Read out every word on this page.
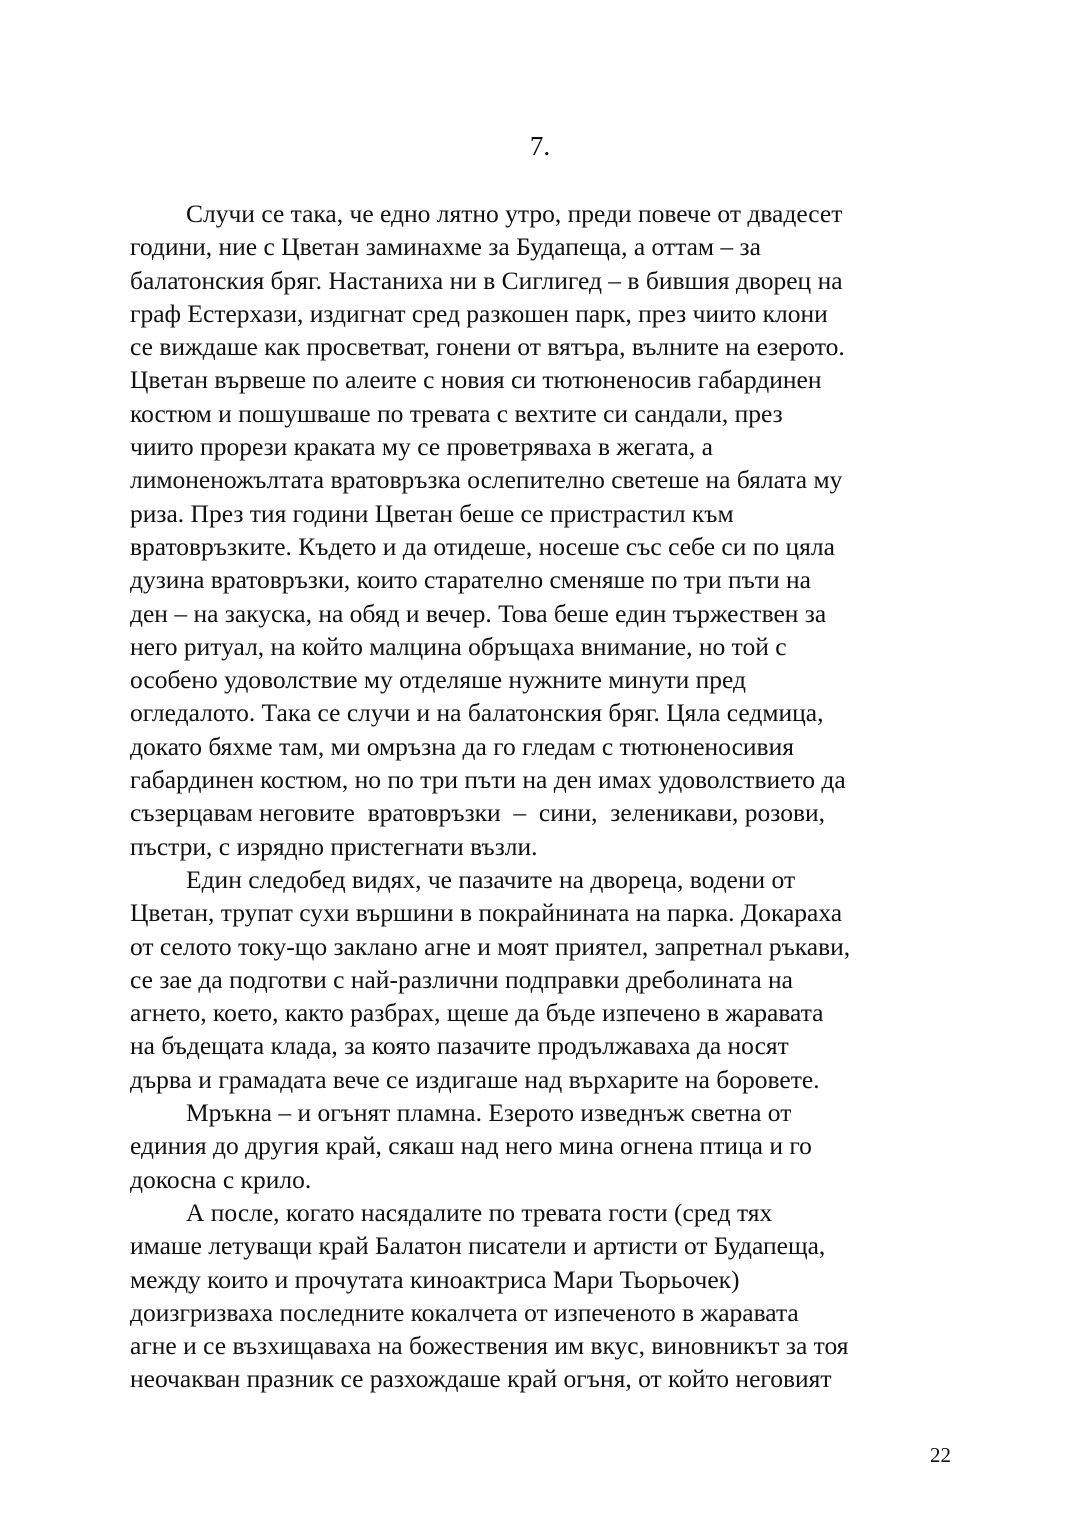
7.
Случи се така, че едно лятно утро, преди повече от двадесет
години, ние с Цветан заминахме за Будапеща, а оттам – за
балатонския бряг. Настаниха ни в Сиглигед – в бившия дворец на
граф Естерхази, издигнат сред разкошен парк, през чиито клони
се виждаше как просветват, гонени от вятъра, вълните на езерото.
Цветан вървеше по алеите с новия си тютюненосив габардинен
костюм и пошушваше по тревата с вехтите си сандали, през
чиито прорези краката му се проветряваха в жегата, а
лимоненожълтата вратовръзка ослепително светеше на бялата му
риза. През тия години Цветан беше се пристрастил към
вратовръзките. Където и да отидеше, носеше със себе си по цяла
дузина вратовръзки, които старателно сменяше по три пъти на
ден – на закуска, на обяд и вечер. Това беше един тържествен за
него ритуал, на който малцина обръщаха внимание, но той с
особено удоволствие му отделяше нужните минути пред
огледалото. Така се случи и на балатонския бряг. Цяла седмица,
докато бяхме там, ми омръзна да го гледам с тютюненосивия
габардинен костюм, но по три пъти на ден имах удоволствието да
съзерцавам неговите  вратовръзки  –  сини,  зеленикави, розови,
пъстри, с изрядно пристегнати възли.
Един следобед видях, че пазачите на двореца, водени от
Цветан, трупат сухи вършини в покрайнината на парка. Докараха
от селото току-що заклано агне и моят приятел, запретнал ръкави,
се зае да подготви с най-различни подправки дреболината на
агнето, което, както разбрах, щеше да бъде изпечено в жаравата
на бъдещата клада, за която пазачите продължаваха да носят
дърва и грамадата вече се издигаше над върхарите на боровете.
Мръкна – и огънят пламна. Езерото изведнъж светна от
единия до другия край, сякаш над него мина огнена птица и го
докосна с крило.
А после, когато насядалите по тревата гости (сред тях
имаше летуващи край Балатон писатели и артисти от Будапеща,
между които и прочутата киноактриса Мари Тьорьочек)
доизгризваха последните кокалчета от изпеченото в жаравата
агне и се възхищаваха на божествения им вкус, виновникът за тоя
неочакван празник се разхождаше край огъня, от който неговият
22
